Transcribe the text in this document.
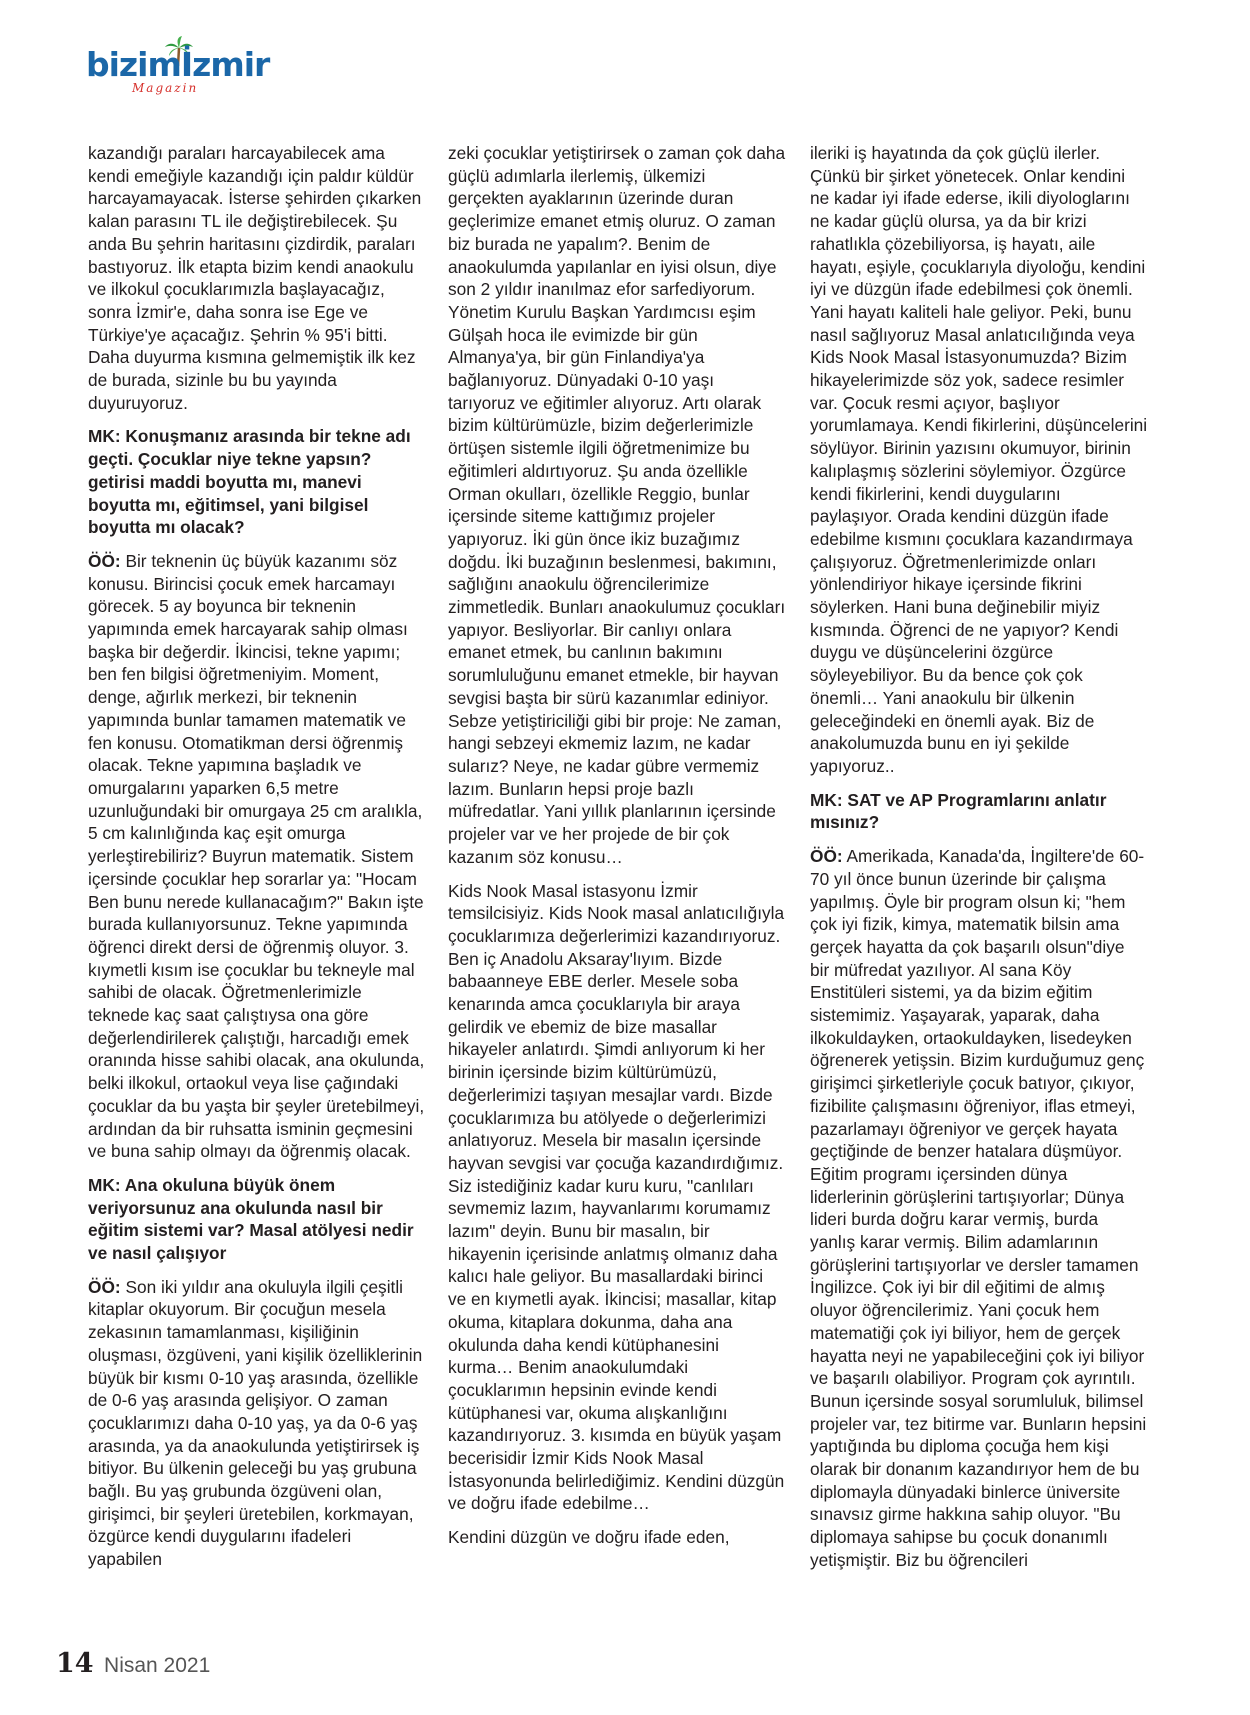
bizimİzmir
Magazin

kazandığı paraları harcayabilecek ama kendi emeğiyle kazandığı için paldır küldür harcayamayacak. İsterse şehirden çıkarken kalan parasını TL ile değiştirebilecek. Şu anda Bu şehrin haritasını çizdirdik, paraları bastıyoruz. İlk etapta bizim kendi anaokulu ve ilkokul çocuklarımızla başlayacağız, sonra İzmir'e, daha sonra ise Ege ve Türkiye'ye açacağız. Şehrin % 95'i bitti. Daha duyurma kısmına gelmemiştik ilk kez de burada, sizinle bu bu yayında duyuruyoruz.

MK: Konuşmanız arasında bir tekne adı geçti. Çocuklar niye tekne yapsın? getirisi maddi boyutta mı, manevi boyutta mı, eğitimsel, yani bilgisel boyutta mı olacak?

ÖÖ: Bir teknenin üç büyük kazanımı söz konusu. Birincisi çocuk emek harcamayı görecek. 5 ay boyunca bir teknenin yapımında emek harcayarak sahip olması başka bir değerdir. İkincisi, tekne yapımı; ben fen bilgisi öğretmeniyim. Moment, denge, ağırlık merkezi, bir teknenin yapımında bunlar tamamen matematik ve fen konusu. Otomatikman dersi öğrenmiş olacak. Tekne yapımına başladık ve omurgalarını yaparken 6,5 metre uzunluğundaki bir omurgaya 25 cm aralıkla, 5 cm kalınlığında kaç eşit omurga yerleştirebiliriz? Buyrun matematik. Sistem içersinde çocuklar hep sorarlar ya: "Hocam Ben bunu nerede kullanacağım?" Bakın işte burada kullanıyorsunuz. Tekne yapımında öğrenci direkt dersi de öğrenmiş oluyor. 3. kıymetli kısım ise çocuklar bu tekneyle mal sahibi de olacak. Öğretmenlerimizle teknede kaç saat çalıştıysa ona göre değerlendirilerek çalıştığı, harcadığı emek oranında hisse sahibi olacak, ana okulunda, belki ilkokul, ortaokul veya lise çağındaki çocuklar da bu yaşta bir şeyler üretebilmeyi, ardından da bir ruhsatta isminin geçmesini ve buna sahip olmayı da öğrenmiş olacak.

MK: Ana okuluna büyük önem veriyorsunuz ana okulunda nasıl bir eğitim sistemi var? Masal atölyesi nedir ve nasıl çalışıyor

ÖÖ: Son iki yıldır ana okuluyla ilgili çeşitli kitaplar okuyorum. Bir çocuğun mesela zekasının tamamlanması, kişiliğinin oluşması, özgüveni, yani kişilik özelliklerinin büyük bir kısmı 0-10 yaş arasında, özellikle de 0-6 yaş arasında gelişiyor. O zaman çocuklarımızı daha 0-10 yaş, ya da 0-6 yaş arasında, ya da anaokulunda yetiştirirsek iş bitiyor. Bu ülkenin geleceği bu yaş grubuna bağlı. Bu yaş grubunda özgüveni olan, girişimci, bir şeyleri üretebilen, korkmayan, özgürce kendi duygularını ifadeleri yapabilen

zeki çocuklar yetiştirirsek o zaman çok daha güçlü adımlarla ilerlemiş, ülkemizi gerçekten ayaklarının üzerinde duran geçlerimize emanet etmiş oluruz. O zaman biz burada ne yapalım?. Benim de anaokulumda yapılanlar en iyisi olsun, diye son 2 yıldır inanılmaz efor sarfediyorum. Yönetim Kurulu Başkan Yardımcısı eşim Gülşah hoca ile evimizde bir gün Almanya'ya, bir gün Finlandiya'ya bağlanıyoruz. Dünyadaki 0-10 yaşı tarıyoruz ve eğitimler alıyoruz. Artı olarak bizim kültürümüzle, bizim değerlerimizle örtüşen sistemle ilgili öğretmenimize bu eğitimleri aldırtıyoruz. Şu anda özellikle Orman okulları, özellikle Reggio, bunlar içersinde siteme kattığımız projeler yapıyoruz. İki gün önce ikiz buzağımız doğdu. İki buzağının beslenmesi, bakımını, sağlığını anaokulu öğrencilerimize zimmetledik. Bunları anaokulumuz çocukları yapıyor. Besliyorlar. Bir canlıyı onlara emanet etmek, bu canlının bakımını sorumluluğunu emanet etmekle, bir hayvan sevgisi başta bir sürü kazanımlar ediniyor. Sebze yetiştiriciliği gibi bir proje: Ne zaman, hangi sebzeyi ekmemiz lazım, ne kadar sularız? Neye, ne kadar gübre vermemiz lazım. Bunların hepsi proje bazlı müfredatlar. Yani yıllık planlarının içersinde projeler var ve her projede de bir çok kazanım söz konusu…

Kids Nook Masal istasyonu İzmir temsilcisiyiz. Kids Nook masal anlatıcılığıyla çocuklarımıza değerlerimizi kazandırıyoruz. Ben iç Anadolu Aksaray'lıyım. Bizde babaanneye EBE derler. Mesele soba kenarında amca çocuklarıyla bir araya gelirdik ve ebemiz de bize masallar hikayeler anlatırdı. Şimdi anlıyorum ki her birinin içersinde bizim kültürümüzü, değerlerimizi taşıyan mesajlar vardı. Bizde çocuklarımıza bu atölyede o değerlerimizi anlatıyoruz. Mesela bir masalın içersinde hayvan sevgisi var çocuğa kazandırdığımız. Siz istediğiniz kadar kuru kuru, "canlıları sevmemiz lazım, hayvanlarımı korumamız lazım" deyin. Bunu bir masalın, bir hikayenin içerisinde anlatmış olmanız daha kalıcı hale geliyor. Bu masallardaki birinci ve en kıymetli ayak. İkincisi; masallar, kitap okuma, kitaplara dokunma, daha ana okulunda daha kendi kütüphanesini kurma… Benim anaokulumdaki çocuklarımın hepsinin evinde kendi kütüphanesi var, okuma alışkanlığını kazandırıyoruz. 3. kısımda en büyük yaşam becerisidir İzmir Kids Nook Masal İstasyonunda belirlediğimiz. Kendini düzgün ve doğru ifade edebilme…

Kendini düzgün ve doğru ifade eden,

ileriki iş hayatında da çok güçlü ilerler. Çünkü bir şirket yönetecek. Onlar kendini ne kadar iyi ifade ederse, ikili diyologlarını ne kadar güçlü olursa, ya da bir krizi rahatlıkla çözebiliyorsa, iş hayatı, aile hayatı, eşiyle, çocuklarıyla diyoloğu, kendini iyi ve düzgün ifade edebilmesi çok önemli. Yani hayatı kaliteli hale geliyor. Peki, bunu nasıl sağlıyoruz Masal anlatıcılığında veya Kids Nook Masal İstasyonumuzda? Bizim hikayelerimizde söz yok, sadece resimler var. Çocuk resmi açıyor, başlıyor yorumlamaya. Kendi fikirlerini, düşüncelerini söylüyor. Birinin yazısını okumuyor, birinin kalıplaşmış sözlerini söylemiyor. Özgürce kendi fikirlerini, kendi duygularını paylaşıyor. Orada kendini düzgün ifade edebilme kısmını çocuklara kazandırmaya çalışıyoruz. Öğretmenlerimizde onları yönlendiriyor hikaye içersinde fikrini söylerken. Hani buna değinebilir miyiz kısmında. Öğrenci de ne yapıyor? Kendi duygu ve düşüncelerini özgürce söyleyebiliyor. Bu da bence çok çok önemli… Yani anaokulu bir ülkenin geleceğindeki en önemli ayak. Biz de anakolumuzda bunu en iyi şekilde yapıyoruz..

MK: SAT ve AP Programlarını anlatır mısınız?

ÖÖ: Amerikada, Kanada'da, İngiltere'de 60- 70 yıl önce bunun üzerinde bir çalışma yapılmış. Öyle bir program olsun ki; "hem çok iyi fizik, kimya, matematik bilsin ama gerçek hayatta da çok başarılı olsun"diye bir müfredat yazılıyor. Al sana Köy Enstitüleri sistemi, ya da bizim eğitim sistemimiz. Yaşayarak, yaparak, daha ilkokuldayken, ortaokuldayken, lisedeyken öğrenerek yetişsin. Bizim kurduğumuz genç girişimci şirketleriyle çocuk batıyor, çıkıyor, fizibilite çalışmasını öğreniyor, iflas etmeyi, pazarlamayı öğreniyor ve gerçek hayata geçtiğinde de benzer hatalara düşmüyor. Eğitim programı içersinden dünya liderlerinin görüşlerini tartışıyorlar; Dünya lideri burda doğru karar vermiş, burda yanlış karar vermiş. Bilim adamlarının görüşlerini tartışıyorlar ve dersler tamamen İngilizce. Çok iyi bir dil eğitimi de almış oluyor öğrencilerimiz. Yani çocuk hem matematiği çok iyi biliyor, hem de gerçek hayatta neyi ne yapabileceğini çok iyi biliyor ve başarılı olabiliyor. Program çok ayrıntılı. Bunun içersinde sosyal sorumluluk, bilimsel projeler var, tez bitirme var. Bunların hepsini yaptığında bu diploma çocuğa hem kişi olarak bir donanım kazandırıyor hem de bu diplomayla dünyadaki binlerce üniversite sınavsız girme hakkına sahip oluyor. "Bu diplomaya sahipse bu çocuk donanımlı yetişmiştir. Biz bu öğrencileri

14 Nisan 2021
